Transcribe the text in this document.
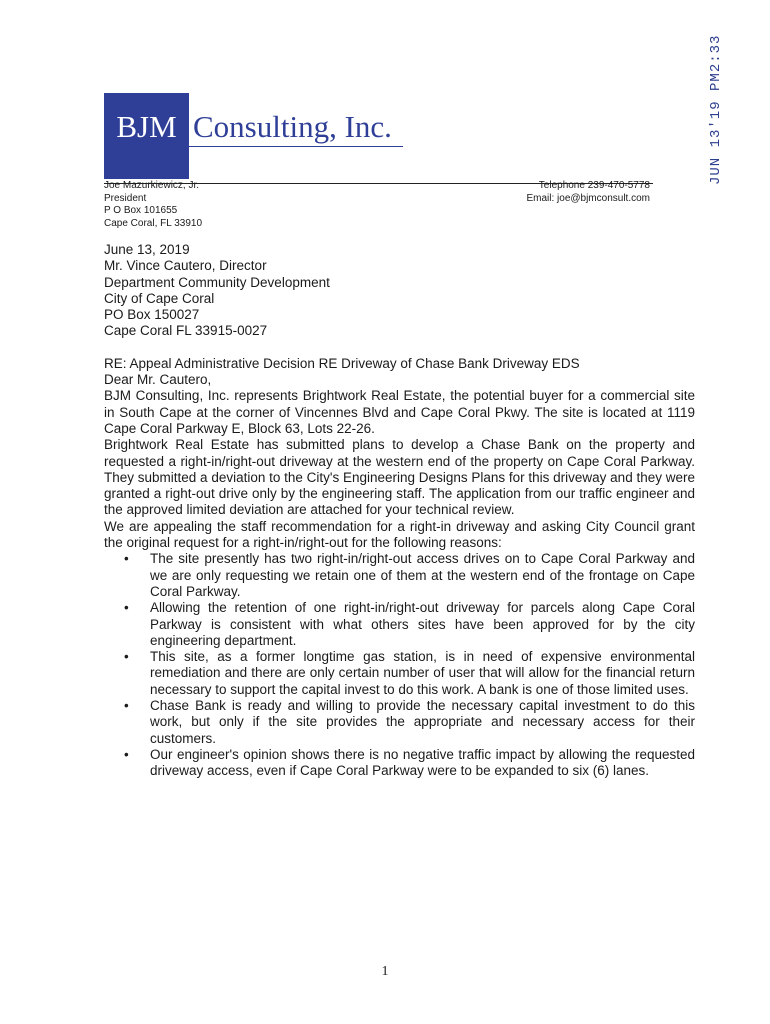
BJM Consulting, Inc.
Joe Mazurkiewicz, Jr.
President
P O Box 101655
Cape Coral, FL 33910
Telephone 239-470-5778
Email: joe@bjmconsult.com
JUN 13'19 PM2:33

June 13, 2019

Mr. Vince Cautero, Director

Department Community Development

City of Cape Coral

PO Box 150027

Cape Coral FL 33915-0027

RE: Appeal Administrative Decision RE Driveway of Chase Bank Driveway EDS

Dear Mr. Cautero,

BJM Consulting, Inc. represents Brightwork Real Estate, the potential buyer for a commercial site in South Cape at the corner of Vincennes Blvd and Cape Coral Pkwy. The site is located at 1119 Cape Coral Parkway E, Block 63, Lots 22-26.

Brightwork Real Estate has submitted plans to develop a Chase Bank on the property and requested a right-in/right-out driveway at the western end of the property on Cape Coral Parkway. They submitted a deviation to the City's Engineering Designs Plans for this driveway and they were granted a right-out drive only by the engineering staff. The application from our traffic engineer and the approved limited deviation are attached for your technical review.

We are appealing the staff recommendation for a right-in driveway and asking City Council grant the original request for a right-in/right-out for the following reasons:

• The site presently has two right-in/right-out access drives on to Cape Coral Parkway and we are only requesting we retain one of them at the western end of the frontage on Cape Coral Parkway.
• Allowing the retention of one right-in/right-out driveway for parcels along Cape Coral Parkway is consistent with what others sites have been approved for by the city engineering department.
• This site, as a former longtime gas station, is in need of expensive environmental remediation and there are only certain number of user that will allow for the financial return necessary to support the capital invest to do this work. A bank is one of those limited uses.
• Chase Bank is ready and willing to provide the necessary capital investment to do this work, but only if the site provides the appropriate and necessary access for their customers.
• Our engineer's opinion shows there is no negative traffic impact by allowing the requested driveway access, even if Cape Coral Parkway were to be expanded to six (6) lanes.
1
